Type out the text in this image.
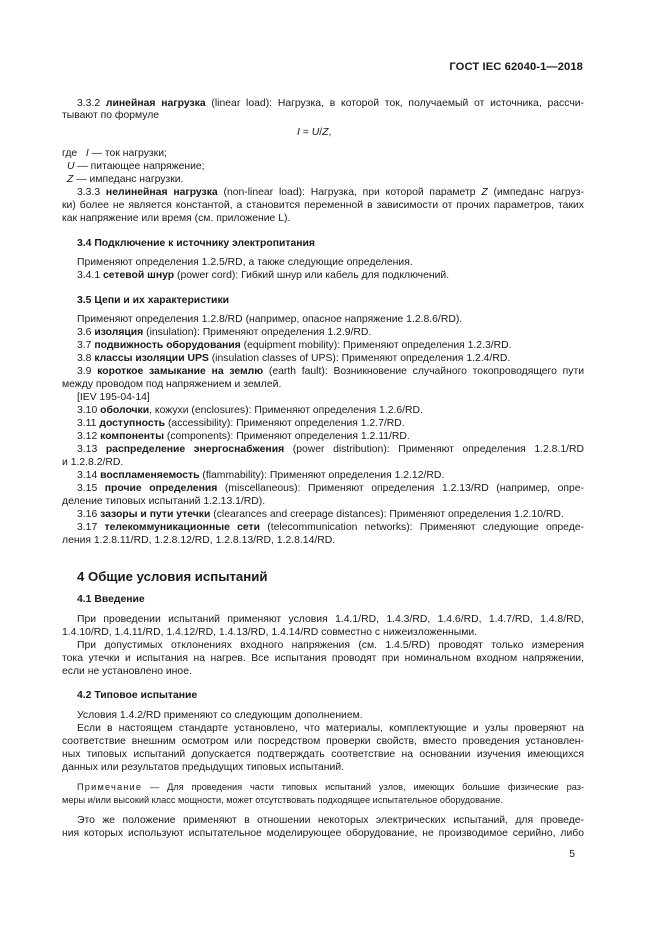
ГОСТ IEC 62040-1—2018
3.3.2 линейная нагрузка (linear load): Нагрузка, в которой ток, получаемый от источника, рассчи-
тывают по формуле
I = U/Z,
где I — ток нагрузки;
U — питающее напряжение;
Z — импеданс нагрузки.
3.3.3 нелинейная нагрузка (non-linear load): Нагрузка, при которой параметр Z (импеданс нагруз-
ки) более не является константой, а становится переменной в зависимости от прочих параметров, таких
как напряжение или время (см. приложение L).
3.4 Подключение к источнику электропитания
Применяют определения 1.2.5/RD, а также следующие определения.
3.4.1 сетевой шнур (power cord): Гибкий шнур или кабель для подключений.
3.5 Цепи и их характеристики
Применяют определения 1.2.8/RD (например, опасное напряжение 1.2.8.6/RD).
3.6 изоляция (insulation): Применяют определения 1.2.9/RD.
3.7 подвижность оборудования (equipment mobility): Применяют определения 1.2.3/RD.
3.8 классы изоляции UPS (insulation classes of UPS): Применяют определения 1.2.4/RD.
3.9 короткое замыкание на землю (earth fault): Возникновение случайного токопроводящего пути
между проводом под напряжением и землей.
[IEV 195-04-14]
3.10 оболочки, кожухи (enclosures): Применяют определения 1.2.6/RD.
3.11 доступность (accessibility): Применяют определения 1.2.7/RD.
3.12 компоненты (components): Применяют определения 1.2.11/RD.
3.13 распределение энергоснабжения (power distribution): Применяют определения 1.2.8.1/RD
и 1.2.8.2/RD.
3.14 воспламеняемость (flammability): Применяют определения 1.2.12/RD.
3.15 прочие определения (miscellaneous): Применяют определения 1.2.13/RD (например, опре-
деление типовых испытаний 1.2.13.1/RD).
3.16 зазоры и пути утечки (clearances and creepage distances): Применяют определения 1.2.10/RD.
3.17 телекоммуникационные сети (telecommunication networks): Применяют следующие опреде-
ления 1.2.8.11/RD, 1.2.8.12/RD, 1.2.8.13/RD, 1.2.8.14/RD.
4 Общие условия испытаний
4.1 Введение
При проведении испытаний применяют условия 1.4.1/RD, 1.4.3/RD, 1.4.6/RD, 1.4.7/RD, 1.4.8/RD,
1.4.10/RD, 1.4.11/RD, 1.4.12/RD, 1.4.13/RD, 1.4.14/RD совместно с нижеизложенными.
При допустимых отклонениях входного напряжения (см. 1.4.5/RD) проводят только измерения
тока утечки и испытания на нагрев. Все испытания проводят при номинальном входном напряжении,
если не установлено иное.
4.2 Типовое испытание
Условия 1.4.2/RD применяют со следующим дополнением.
Если в настоящем стандарте установлено, что материалы, комплектующие и узлы проверяют на
соответствие внешним осмотром или посредством проверки свойств, вместо проведения установлен-
ных типовых испытаний допускается подтверждать соответствие на основании изучения имеющихся
данных или результатов предыдущих типовых испытаний.
Примечание — Для проведения части типовых испытаний узлов, имеющих большие физические раз-
меры и/или высокий класс мощности, может отсутствовать подходящее испытательное оборудование.
Это же положение применяют в отношении некоторых электрических испытаний, для проведе-
ния которых используют испытательное моделирующее оборудование, не производимое серийно, либо
5
